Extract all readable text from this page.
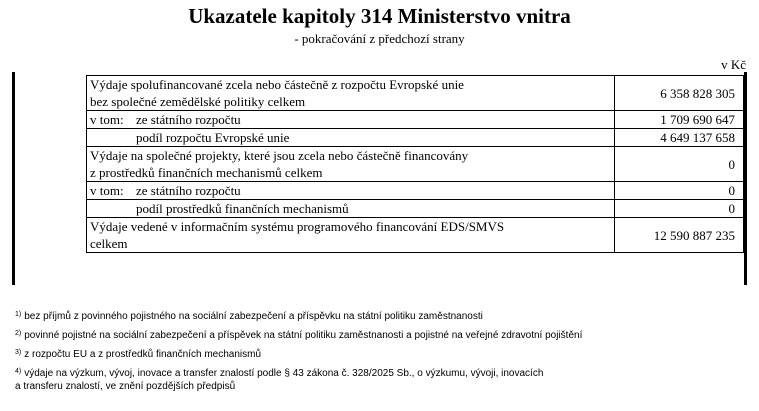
Ukazatele kapitoly 314 Ministerstvo vnitra
- pokračování z předchozí strany
v Kč
Výdaje spolufinancované zcela nebo částečně z rozpočtu Evropské unie
bez společné zemědělské politiky celkem	6 358 828 305
v tom: ze státního rozpočtu	1 709 690 647
podíl rozpočtu Evropské unie	4 649 137 658

Výdaje na společné projekty, které jsou zcela nebo částečně financovány
z prostředků finančních mechanismů celkem	0
v tom: ze státního rozpočtu	0
podíl prostředků finančních mechanismů	0

Výdaje vedené v informačním systému programového financování EDS/SMVS
celkem	12 590 887 235
$^{1)}$ bez příjmů z povinného pojistného na sociální zabezpečení a příspěvku na státní politiku zaměstnanosti
$^{2)}$ povinné pojistné na sociální zabezpečení a příspěvek na státní politiku zaměstnanosti a pojistné na veřejné zdravotní pojištění
$^{3)}$ z rozpočtu EU a z prostředků finančních mechanismů
$^{4)}$ výdaje na výzkum, vývoj, inovace a transfer znalostí podle § 43 zákona č. 328/2025 Sb., o výzkumu, vývoji, inovacích
a transferu znalostí, ve znění pozdějších předpisů
